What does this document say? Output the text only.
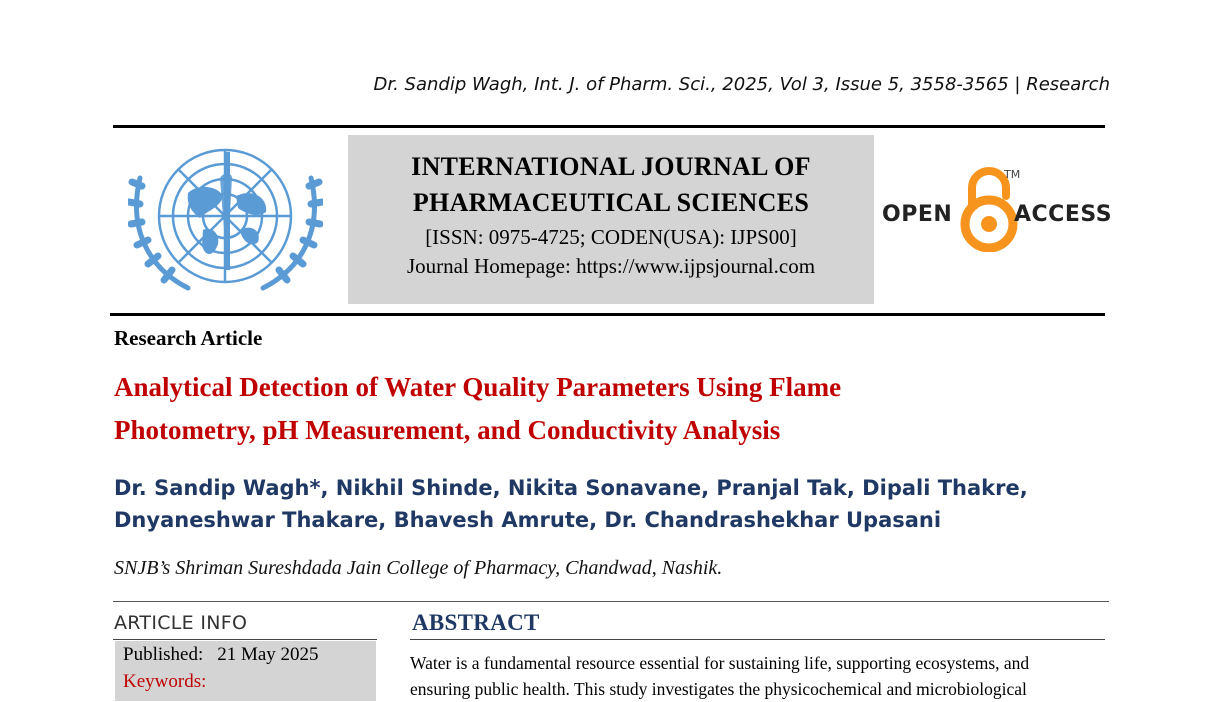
Dr. Sandip Wagh, Int. J. of Pharm. Sci., 2025, Vol 3, Issue 5, 3558-3565 | Research
INTERNATIONAL JOURNAL OF
PHARMACEUTICAL SCIENCES
[ISSN: 0975-4725; CODEN(USA): IJPS00]
Journal Homepage: https://www.ijpsjournal.com
OPEN
TM
ACCESS
Research Article
Analytical Detection of Water Quality Parameters Using Flame
Photometry, pH Measurement, and Conductivity Analysis
Dr. Sandip Wagh*, Nikhil Shinde, Nikita Sonavane, Pranjal Tak, Dipali Thakre,
Dnyaneshwar Thakare, Bhavesh Amrute, Dr. Chandrashekhar Upasani
SNJB’s Shriman Sureshdada Jain College of Pharmacy, Chandwad, Nashik.
ARTICLE INFO
Published: 21 May 2025
Keywords:
ABSTRACT
Water is a fundamental resource essential for sustaining life, supporting ecosystems, and
ensuring public health. This study investigates the physicochemical and microbiological
